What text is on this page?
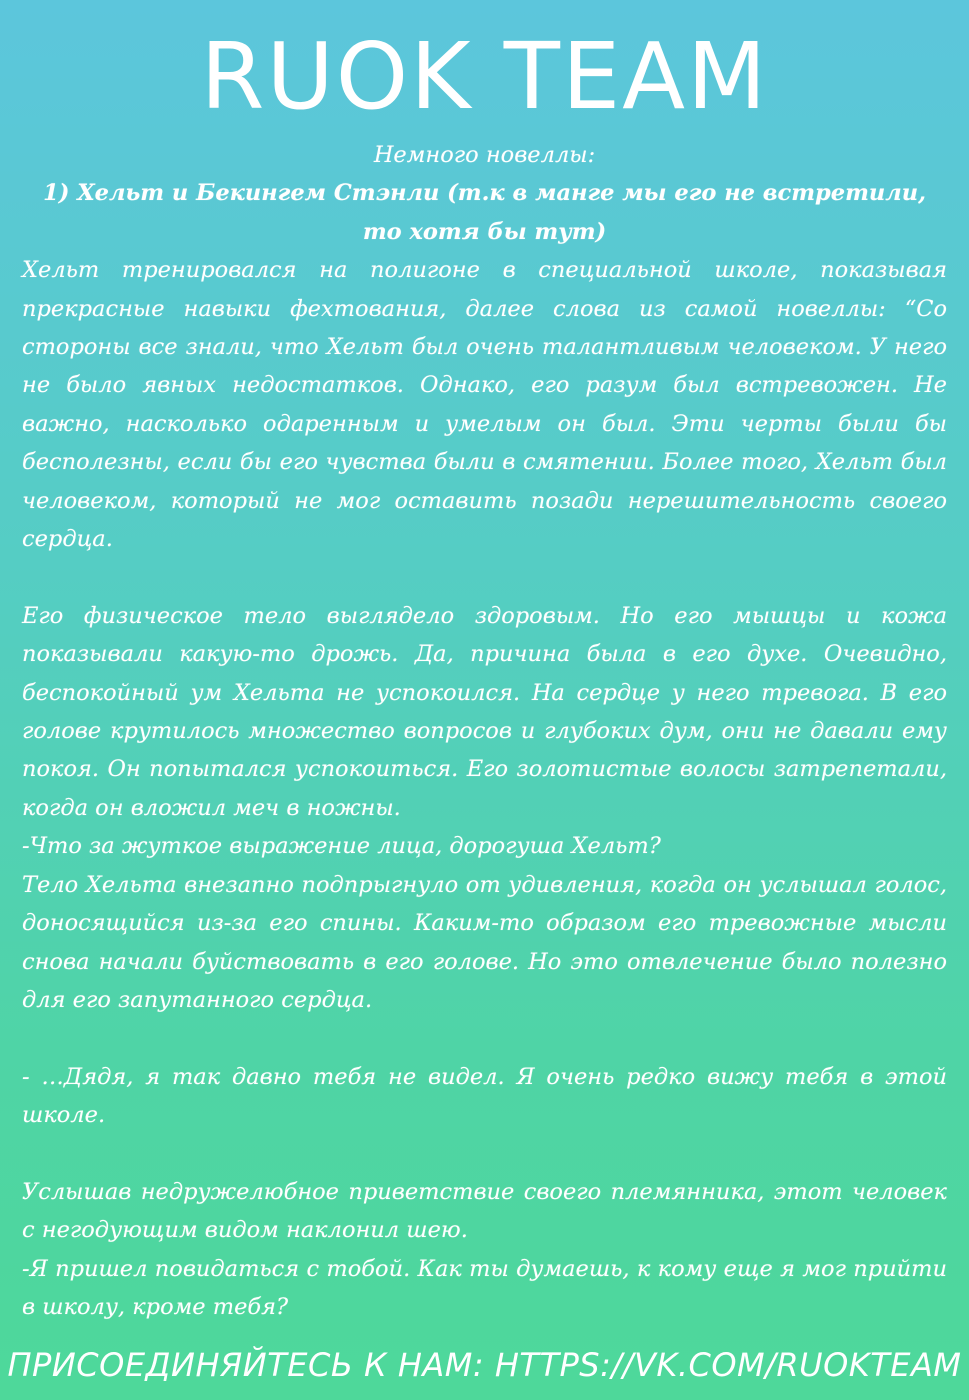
RUOK TEAM

Немного новеллы:

1) Хельт и Бекингем Стэнли (т.к в манге мы его не встретили, то хотя бы тут)

Хельт тренировался на полигоне в специальной школе, показывая прекрасные навыки фехтования, далее слова из самой новеллы: “Со стороны все знали, что Хельт был очень талантливым человеком. У него не было явных недостатков. Однако, его разум был встревожен. Не важно, насколько одаренным и умелым он был. Эти черты были бы бесполезны, если бы его чувства были в смятении. Более того, Хельт был человеком, который не мог оставить позади нерешительность своего сердца.

Его физическое тело выглядело здоровым. Но его мышцы и кожа показывали какую-то дрожь. Да, причина была в его духе. Очевидно, беспокойный ум Хельта не успокоился. На сердце у него тревога. В его голове крутилось множество вопросов и глубоких дум, они не давали ему покоя. Он попытался успокоиться. Его золотистые волосы затрепетали, когда он вложил меч в ножны.

-Что за жуткое выражение лица, дорогуша Хельт?

Тело Хельта внезапно подпрыгнуло от удивления, когда он услышал голос, доносящийся из-за его спины. Каким-то образом его тревожные мысли снова начали буйствовать в его голове. Но это отвлечение было полезно для его запутанного сердца.

- …Дядя, я так давно тебя не видел. Я очень редко вижу тебя в этой школе.

Услышав недружелюбное приветствие своего племянника, этот человек с негодующим видом наклонил шею.

-Я пришел повидаться с тобой. Как ты думаешь, к кому еще я мог прийти в школу, кроме тебя?

ПРИСОЕДИНЯЙТЕСЬ К НАМ: HTTPS://VK.COM/RUOKTEAM
